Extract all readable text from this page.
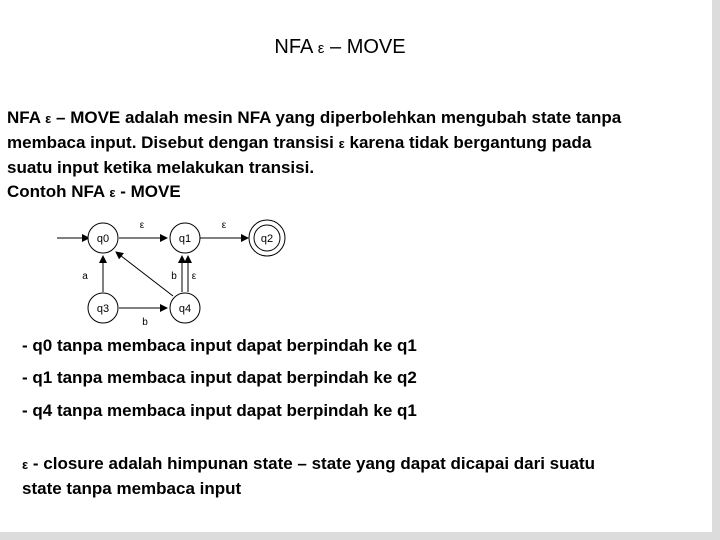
NFA ε – MOVE
NFA ε – MOVE adalah mesin NFA yang diperbolehkan mengubah state tanpa
membaca input. Disebut dengan transisi ε karena tidak bergantung pada
suatu input ketika melakukan transisi.
Contoh NFA ε - MOVE
ε	ε
a	b ε
b
q0	q1	q2
q3	q4
- q0 tanpa membaca input dapat berpindah ke q1
- q1 tanpa membaca input dapat berpindah ke q2
- q4 tanpa membaca input dapat berpindah ke q1
ε - closure adalah himpunan state – state yang dapat dicapai dari suatu
state tanpa membaca input
